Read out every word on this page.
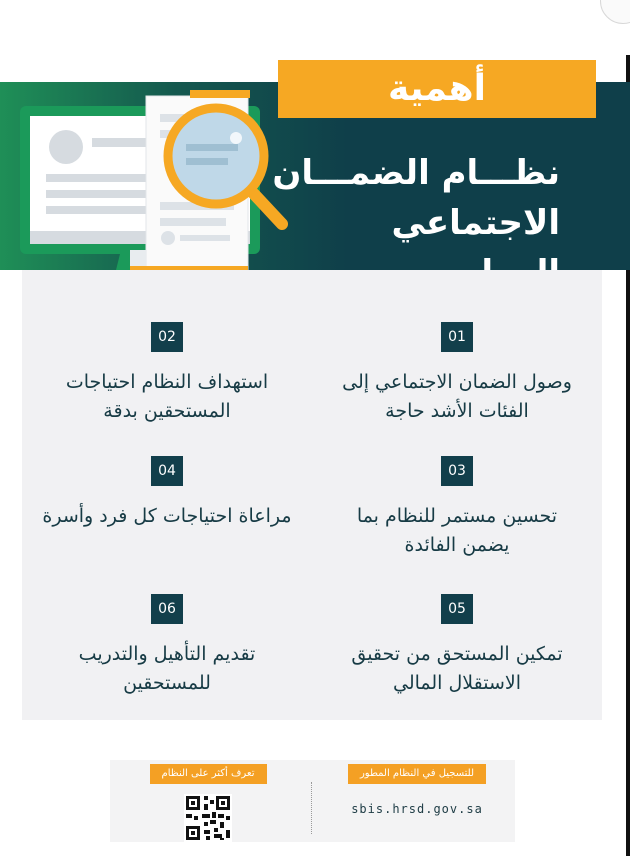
أهمية
نظـــام الضمـــان
الاجتماعي
01
وصول الضمان الاجتماعي إلى الفئات الأشد حاجة
02
استهداف النظام احتياجات المستحقين بدقة
03
تحسين مستمر للنظام بما يضمن الفائدة
04
مراعاة احتياجات كل فرد وأسرة
05
تمكين المستحق من تحقيق الاستقلال المالي
06
تقديم التأهيل والتدريب للمستحقين
للتسجيل في النظام المطور
sbis.hrsd.gov.sa
تعرف أكثر على النظام
